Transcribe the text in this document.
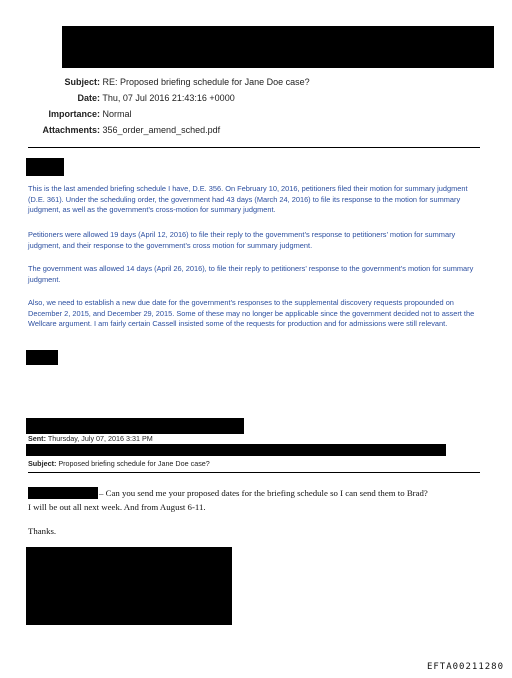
Subject: RE: Proposed briefing schedule for Jane Doe case?
Date: Thu, 07 Jul 2016 21:43:16 +0000
Importance: Normal
Attachments: 356_order_amend_sched.pdf
This is the last amended briefing schedule I have, D.E. 356. On February 10, 2016, petitioners filed their motion for summary judgment (D.E. 361). Under the scheduling order, the government had 43 days (March 24, 2016) to file its response to the motion for summary judgment, as well as the government’s cross-motion for summary judgment.
Petitioners were allowed 19 days (April 12, 2016) to file their reply to the government’s response to petitioners’ motion for summary judgment, and their response to the government’s cross motion for summary judgment.
The government was allowed 14 days (April 26, 2016), to file their reply to petitioners’ response to the government’s motion for summary judgment.
Also, we need to establish a new due date for the government’s responses to the supplemental discovery requests propounded on December 2, 2015, and December 29, 2015. Some of these may no longer be applicable since the government decided not to assert the Wellcare argument. I am fairly certain Cassell insisted some of the requests for production and for admissions were still relevant.
Sent: Thursday, July 07, 2016 3:31 PM
Subject: Proposed briefing schedule for Jane Doe case?
– Can you send me your proposed dates for the briefing schedule so I can send them to Brad?
I will be out all next week. And from August 6-11.
Thanks.
EFTA00211280
